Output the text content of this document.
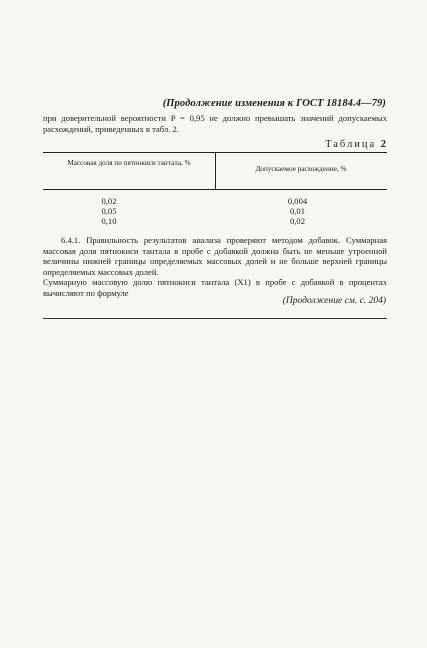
(Продолжение изменения к ГОСТ 18184.4—79)
при доверительной вероятности P = 0,95 не должно превышать значений допускаемых расхождений, приведенных в табл. 2.
Таблица 2
Массовая доля по пятнокиси тантала, %
Допускаемое расхождение, %
0,02
0,05
0,10
0,004
0,01
0,02
6.4.1. Правильность результатов анализа проверяют методом добавок. Суммарная массовая доля пятнокиси тантала в пробе с добавкой должна быть не меньше утроенной величины нижней границы определяемых массовых долей и не больше верхней границы определяемых массовых долей.
Суммарную массовую долю пятнокиси тантала (X1) в пробе с добавкой в процентах вычисляют по формуле
(Продолжение см. с. 204)
